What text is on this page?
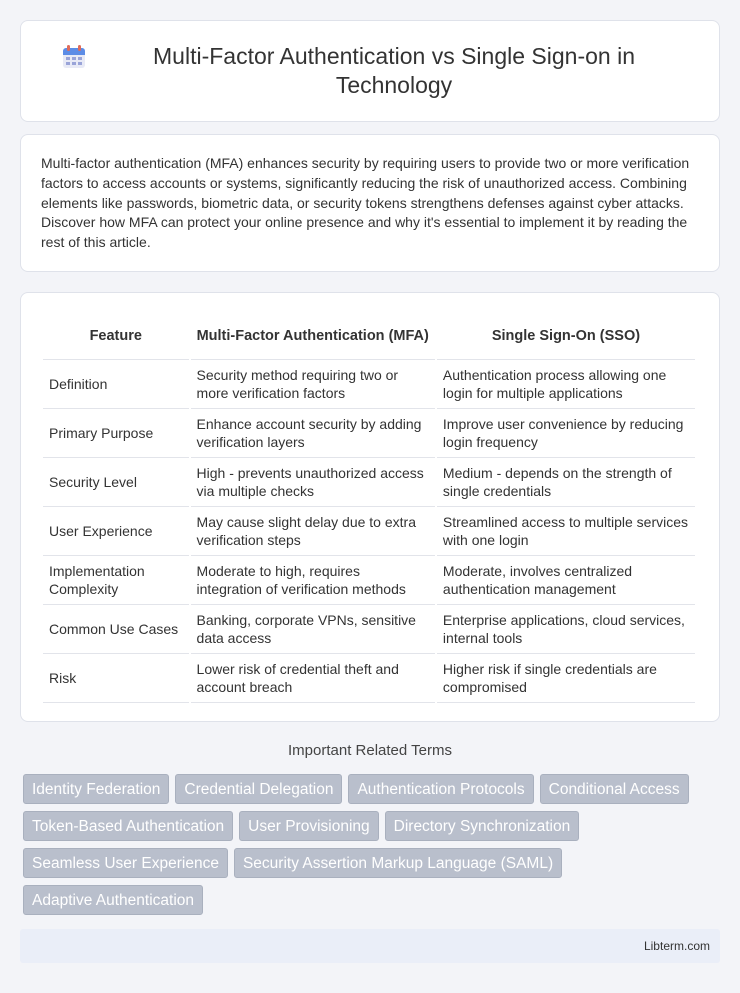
Multi-Factor Authentication vs Single Sign-on in Technology

Multi-factor authentication (MFA) enhances security by requiring users to provide two or more verification factors to access accounts or systems, significantly reducing the risk of unauthorized access. Combining elements like passwords, biometric data, or security tokens strengthens defenses against cyber attacks. Discover how MFA can protect your online presence and why it's essential to implement it by reading the rest of this article.

Feature	Multi-Factor Authentication (MFA)	Single Sign-On (SSO)
Definition	Security method requiring two or more verification factors	Authentication process allowing one login for multiple applications
Primary Purpose	Enhance account security by adding verification layers	Improve user convenience by reducing login frequency
Security Level	High - prevents unauthorized access via multiple checks	Medium - depends on the strength of single credentials
User Experience	May cause slight delay due to extra verification steps	Streamlined access to multiple services with one login
Implementation Complexity	Moderate to high, requires integration of verification methods	Moderate, involves centralized authentication management
Common Use Cases	Banking, corporate VPNs, sensitive data access	Enterprise applications, cloud services, internal tools
Risk	Lower risk of credential theft and account breach	Higher risk if single credentials are compromised
Important Related Terms
Identity Federation	Credential Delegation	Authentication Protocols	Conditional Access
Token-Based Authentication	User Provisioning	Directory Synchronization
Seamless User Experience	Security Assertion Markup Language (SAML)
Adaptive Authentication
Libterm.com
